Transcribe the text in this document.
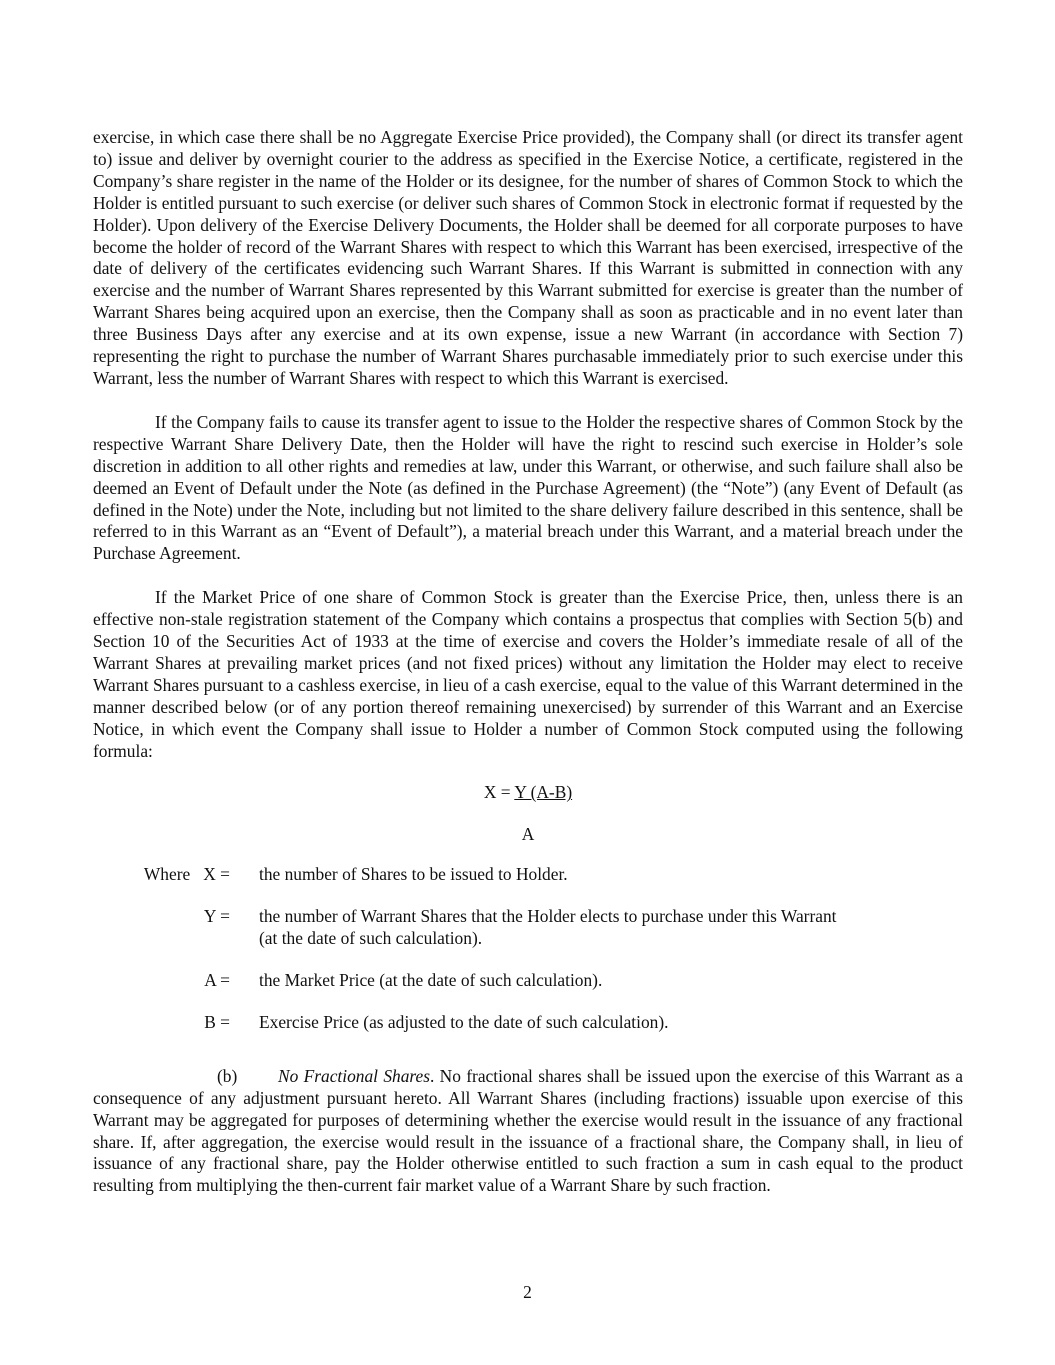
exercise, in which case there shall be no Aggregate Exercise Price provided), the Company shall (or direct its transfer agent to) issue and deliver by overnight courier to the address as specified in the Exercise Notice, a certificate, registered in the Company’s share register in the name of the Holder or its designee, for the number of shares of Common Stock to which the Holder is entitled pursuant to such exercise (or deliver such shares of Common Stock in electronic format if requested by the Holder). Upon delivery of the Exercise Delivery Documents, the Holder shall be deemed for all corporate purposes to have become the holder of record of the Warrant Shares with respect to which this Warrant has been exercised, irrespective of the date of delivery of the certificates evidencing such Warrant Shares. If this Warrant is submitted in connection with any exercise and the number of Warrant Shares represented by this Warrant submitted for exercise is greater than the number of Warrant Shares being acquired upon an exercise, then the Company shall as soon as practicable and in no event later than three Business Days after any exercise and at its own expense, issue a new Warrant (in accordance with Section 7) representing the right to purchase the number of Warrant Shares purchasable immediately prior to such exercise under this Warrant, less the number of Warrant Shares with respect to which this Warrant is exercised.

If the Company fails to cause its transfer agent to issue to the Holder the respective shares of Common Stock by the respective Warrant Share Delivery Date, then the Holder will have the right to rescind such exercise in Holder’s sole discretion in addition to all other rights and remedies at law, under this Warrant, or otherwise, and such failure shall also be deemed an Event of Default under the Note (as defined in the Purchase Agreement) (the “Note”) (any Event of Default (as defined in the Note) under the Note, including but not limited to the share delivery failure described in this sentence, shall be referred to in this Warrant as an “Event of Default”), a material breach under this Warrant, and a material breach under the Purchase Agreement.

If the Market Price of one share of Common Stock is greater than the Exercise Price, then, unless there is an effective non-stale registration statement of the Company which contains a prospectus that complies with Section 5(b) and Section 10 of the Securities Act of 1933 at the time of exercise and covers the Holder’s immediate resale of all of the Warrant Shares at prevailing market prices (and not fixed prices) without any limitation the Holder may elect to receive Warrant Shares pursuant to a cashless exercise, in lieu of a cash exercise, equal to the value of this Warrant determined in the manner described below (or of any portion thereof remaining unexercised) by surrender of this Warrant and an Exercise Notice, in which event the Company shall issue to Holder a number of Common Stock computed using the following formula:

X = Y (A-B)
A
Where   X =	the number of Shares to be issued to Holder.
Y =	the number of Warrant Shares that the Holder elects to purchase under this Warrant (at the date of such calculation).
A =	the Market Price (at the date of such calculation).
B =	Exercise Price (as adjusted to the date of such calculation).

(b) No Fractional Shares. No fractional shares shall be issued upon the exercise of this Warrant as a consequence of any adjustment pursuant hereto. All Warrant Shares (including fractions) issuable upon exercise of this Warrant may be aggregated for purposes of determining whether the exercise would result in the issuance of any fractional share. If, after aggregation, the exercise would result in the issuance of a fractional share, the Company shall, in lieu of issuance of any fractional share, pay the Holder otherwise entitled to such fraction a sum in cash equal to the product resulting from multiplying the then-current fair market value of a Warrant Share by such fraction.

2
